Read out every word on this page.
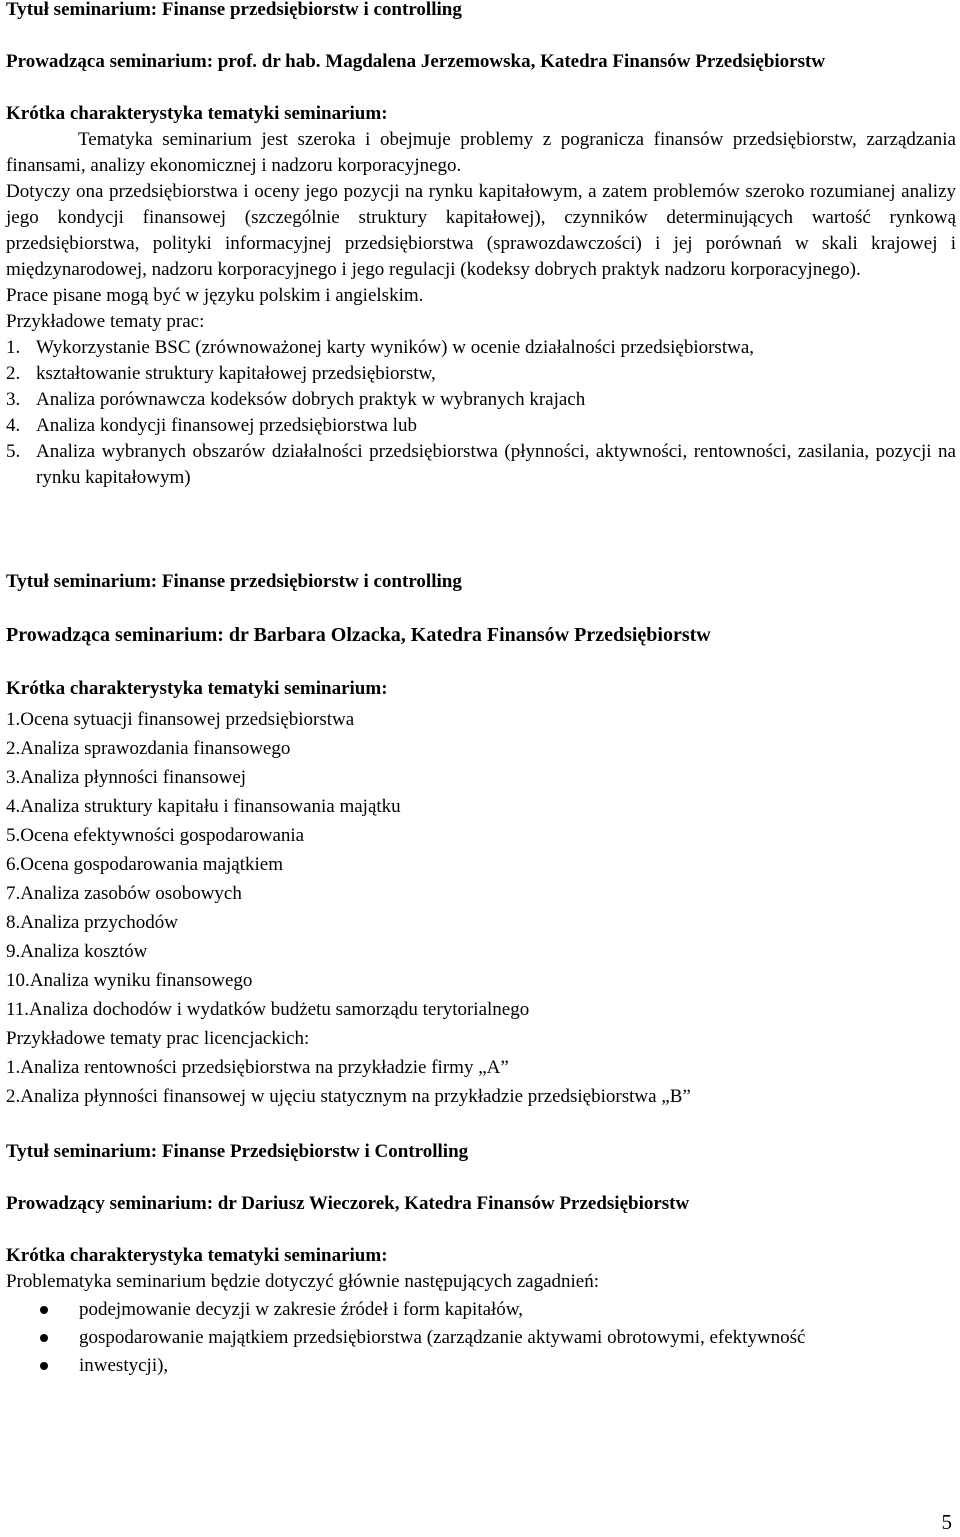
Tytuł seminarium: Finanse przedsiębiorstw i controlling

Prowadząca seminarium: prof. dr hab. Magdalena Jerzemowska, Katedra Finansów Przedsiębiorstw

Krótka charakterystyka tematyki seminarium:

Tematyka seminarium jest szeroka i obejmuje problemy z pogranicza finansów przedsiębiorstw, zarządzania finansami, analizy ekonomicznej i nadzoru korporacyjnego.

Dotyczy ona przedsiębiorstwa i oceny jego pozycji na rynku kapitałowym, a zatem problemów szeroko rozumianej analizy jego kondycji finansowej (szczególnie struktury kapitałowej), czynników determinujących wartość rynkową przedsiębiorstwa, polityki informacyjnej przedsiębiorstwa (sprawozdawczości) i jej porównań w skali krajowej i międzynarodowej, nadzoru korporacyjnego i jego regulacji (kodeksy dobrych praktyk nadzoru korporacyjnego).

Prace pisane mogą być w języku polskim i angielskim.

Przykładowe tematy prac:

1. Wykorzystanie BSC (zrównoważonej karty wyników) w ocenie działalności przedsiębiorstwa,
2. kształtowanie struktury kapitałowej przedsiębiorstw,
3. Analiza porównawcza kodeksów dobrych praktyk w wybranych krajach
4. Analiza kondycji finansowej przedsiębiorstwa lub
5. Analiza wybranych obszarów działalności przedsiębiorstwa (płynności, aktywności, rentowności, zasilania, pozycji na rynku kapitałowym)

Tytuł seminarium: Finanse przedsiębiorstw i controlling

Prowadząca seminarium: dr Barbara Olzacka, Katedra Finansów Przedsiębiorstw

Krótka charakterystyka tematyki seminarium:

1.Ocena sytuacji finansowej przedsiębiorstwa
2.Analiza sprawozdania finansowego
3.Analiza płynności finansowej
4.Analiza struktury kapitału i finansowania majątku
5.Ocena efektywności gospodarowania
6.Ocena gospodarowania majątkiem
7.Analiza zasobów osobowych
8.Analiza przychodów
9.Analiza kosztów
10.Analiza wyniku finansowego
11.Analiza dochodów i wydatków budżetu samorządu terytorialnego

Przykładowe tematy prac licencjackich:

1.Analiza rentowności przedsiębiorstwa na przykładzie firmy „A”
2.Analiza płynności finansowej w ujęciu statycznym na przykładzie przedsiębiorstwa „B”

Tytuł seminarium: Finanse Przedsiębiorstw i Controlling

Prowadzący seminarium: dr Dariusz Wieczorek, Katedra Finansów Przedsiębiorstw

Krótka charakterystyka tematyki seminarium:

Problematyka seminarium będzie dotyczyć głównie następujących zagadnień:

podejmowanie decyzji w zakresie źródeł i form kapitałów,
gospodarowanie majątkiem przedsiębiorstwa (zarządzanie aktywami obrotowymi, efektywność
inwestycji),
5
